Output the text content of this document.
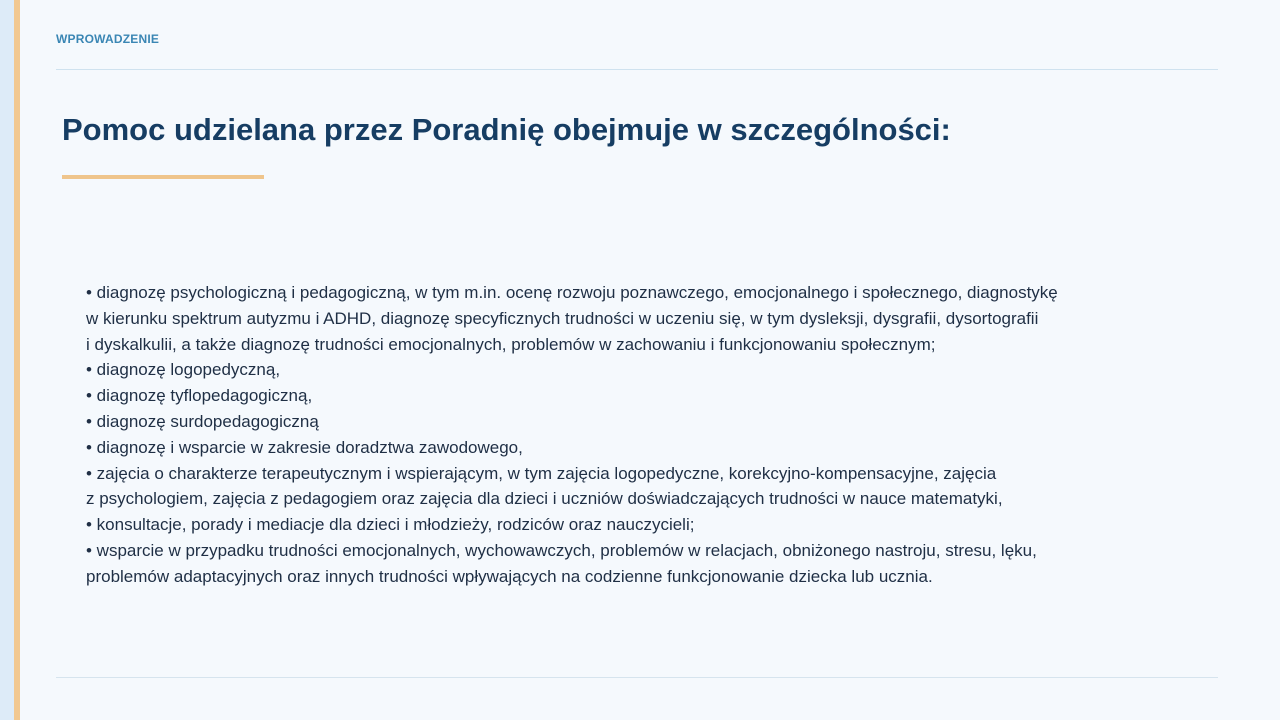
WPROWADZENIE
Pomoc udzielana przez Poradnię obejmuje w szczególności:
• diagnozę psychologiczną i pedagogiczną, w tym m.in. ocenę rozwoju poznawczego, emocjonalnego i społecznego, diagnostykę
w kierunku spektrum autyzmu i ADHD, diagnozę specyficznych trudności w uczeniu się, w tym dysleksji, dysgrafii, dysortografii
i dyskalkulii, a także diagnozę trudności emocjonalnych, problemów w zachowaniu i funkcjonowaniu społecznym;
• diagnozę logopedyczną,
• diagnozę tyflopedagogiczną,
• diagnozę surdopedagogiczną
• diagnozę i wsparcie w zakresie doradztwa zawodowego,
• zajęcia o charakterze terapeutycznym i wspierającym, w tym zajęcia logopedyczne, korekcyjno-kompensacyjne, zajęcia
z psychologiem, zajęcia z pedagogiem oraz zajęcia dla dzieci i uczniów doświadczających trudności w nauce matematyki,
• konsultacje, porady i mediacje dla dzieci i młodzieży, rodziców oraz nauczycieli;
• wsparcie w przypadku trudności emocjonalnych, wychowawczych, problemów w relacjach, obniżonego nastroju, stresu, lęku,
problemów adaptacyjnych oraz innych trudności wpływających na codzienne funkcjonowanie dziecka lub ucznia.
